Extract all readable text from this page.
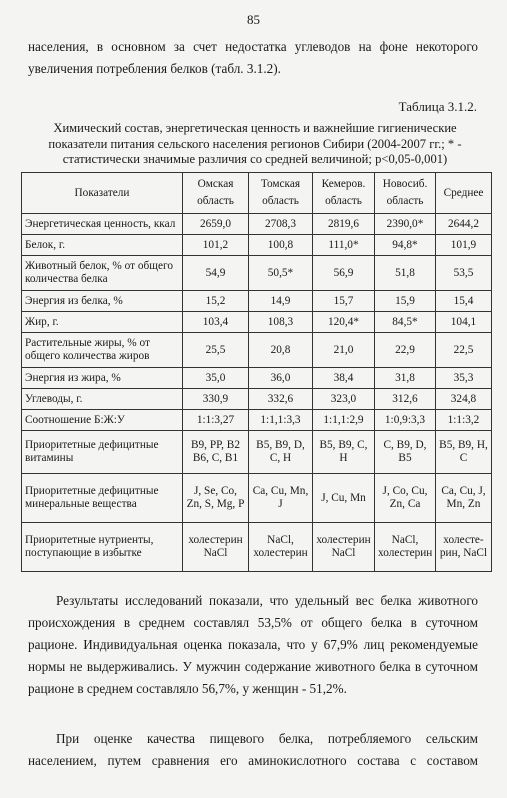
85
населения, в основном за счет недостатка углеводов на фоне некоторого
увеличения потребления белков (табл. 3.1.2).
Таблица 3.1.2.
Химический состав, энергетическая ценность и важнейшие гигиенические
показатели питания сельского населения регионов Сибири (2004-2007 гг.; * -
статистически значимые различия со средней величиной; p<0,05-0,001)
Показатели	Омская область	Томская область	Кемеров. область	Новосиб. область	Среднее
Энергетическая ценность, ккал	2659,0	2708,3	2819,6	2390,0*	2644,2
Белок, г.	101,2	100,8	111,0*	94,8*	101,9
Животный белок, % от общего количества белка	54,9	50,5*	56,9	51,8	53,5
Энергия из белка, %	15,2	14,9	15,7	15,9	15,4
Жир, г.	103,4	108,3	120,4*	84,5*	104,1
Растительные жиры, % от общего количества жиров	25,5	20,8	21,0	22,9	22,5
Энергия из жира, %	35,0	36,0	38,4	31,8	35,3
Углеводы, г.	330,9	332,6	323,0	312,6	324,8
Соотношение Б:Ж:У	1:1:3,27	1:1,1:3,3	1:1,1:2,9	1:0,9:3,3	1:1:3,2
Приоритетные дефицитные витамины	B9, PP, B2 B6, C, B1	B5, B9, D, C, H	B5, B9, C, H	C, B9, D, B5	B5, B9, H, C
Приоритетные дефицитные минеральные вещества	J, Se, Co, Zn, S, Mg, P	Ca, Cu, Mn, J	J, Cu, Mn	J, Co, Cu, Zn, Ca	Ca, Cu, J, Mn, Zn
Приоритетные нутриенты, поступающие в избытке	холестерин NaCl	NaCl, холестерин	холестерин NaCl	NaCl, холестерин	холесте-рин, NaCl
Результаты исследований показали, что удельный вес белка животного
происхождения в среднем составлял 53,5% от общего белка в суточном
рационе. Индивидуальная оценка показала, что у 67,9% лиц рекомендуемые
нормы не выдерживались. У мужчин содержание животного белка в суточном
рационе в среднем составляло 56,7%, у женщин - 51,2%.
При оценке качества пищевого белка, потребляемого сельским
населением, путем сравнения его аминокислотного состава с составом
